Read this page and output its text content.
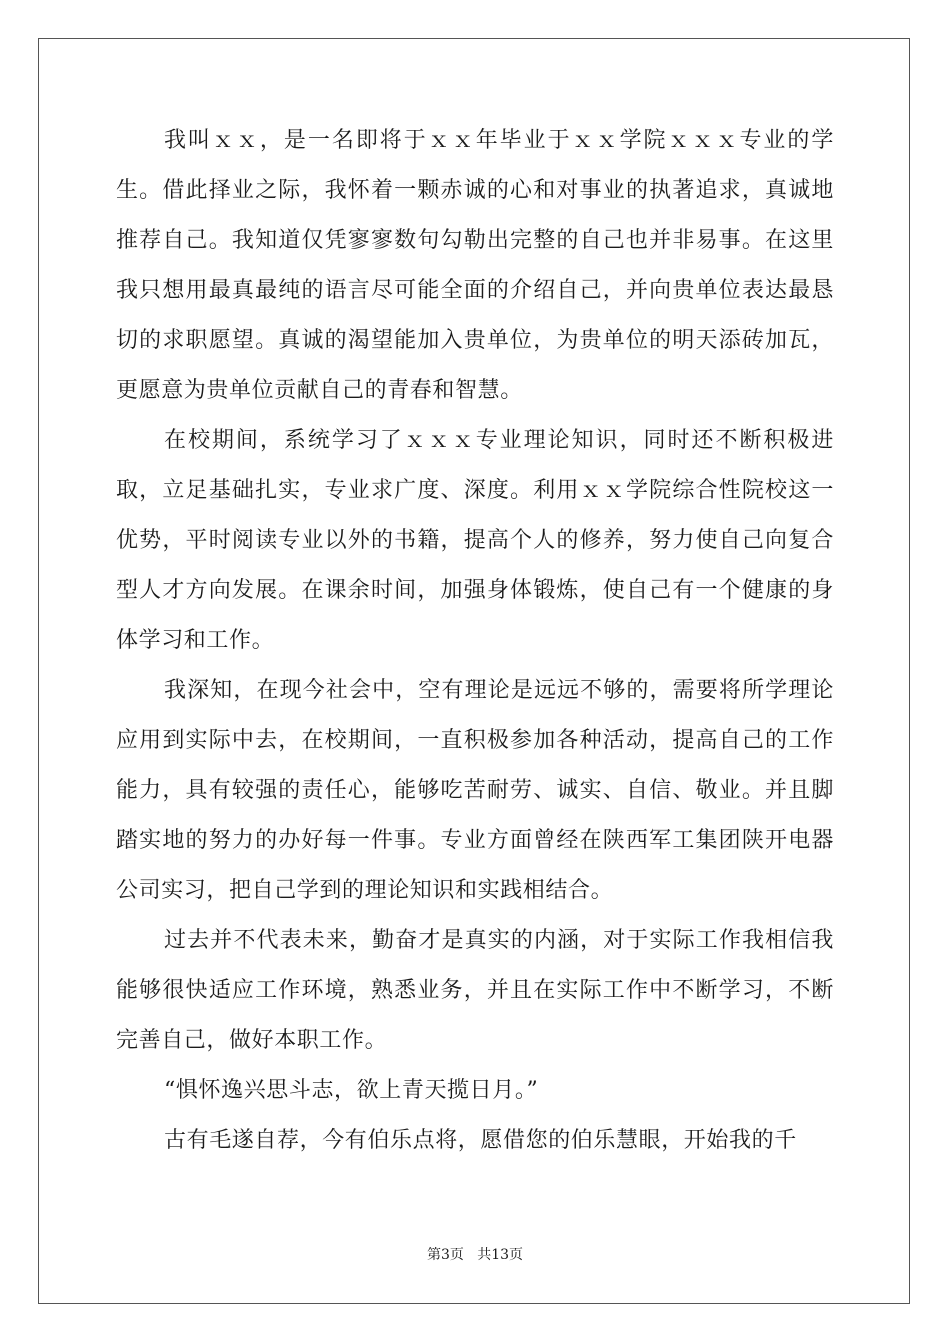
我叫ｘｘ，是一名即将于ｘｘ年毕业于ｘｘ学院ｘｘｘ专业的学生。借此择业之际，我怀着一颗赤诚的心和对事业的执著追求，真诚地推荐自己。我知道仅凭寥寥数句勾勒出完整的自己也并非易事。在这里我只想用最真最纯的语言尽可能全面的介绍自己，并向贵单位表达最恳切的求职愿望。真诚的渴望能加入贵单位，为贵单位的明天添砖加瓦，更愿意为贵单位贡献自己的青春和智慧。

在校期间，系统学习了ｘｘｘ专业理论知识，同时还不断积极进取，立足基础扎实，专业求广度、深度。利用ｘｘ学院综合性院校这一优势，平时阅读专业以外的书籍，提高个人的修养，努力使自己向复合型人才方向发展。在课余时间，加强身体锻炼，使自己有一个健康的身体学习和工作。

我深知，在现今社会中，空有理论是远远不够的，需要将所学理论应用到实际中去，在校期间，一直积极参加各种活动，提高自己的工作能力，具有较强的责任心，能够吃苦耐劳、诚实、自信、敬业。并且脚踏实地的努力的办好每一件事。专业方面曾经在陕西军工集团陕开电器公司实习，把自己学到的理论知识和实践相结合。

过去并不代表未来，勤奋才是真实的内涵，对于实际工作我相信我能够很快适应工作环境，熟悉业务，并且在实际工作中不断学习，不断完善自己，做好本职工作。

“惧怀逸兴思斗志，欲上青天揽日月。”

古有毛遂自荐，今有伯乐点将，愿借您的伯乐慧眼，开始我的千

第3页   共13页
